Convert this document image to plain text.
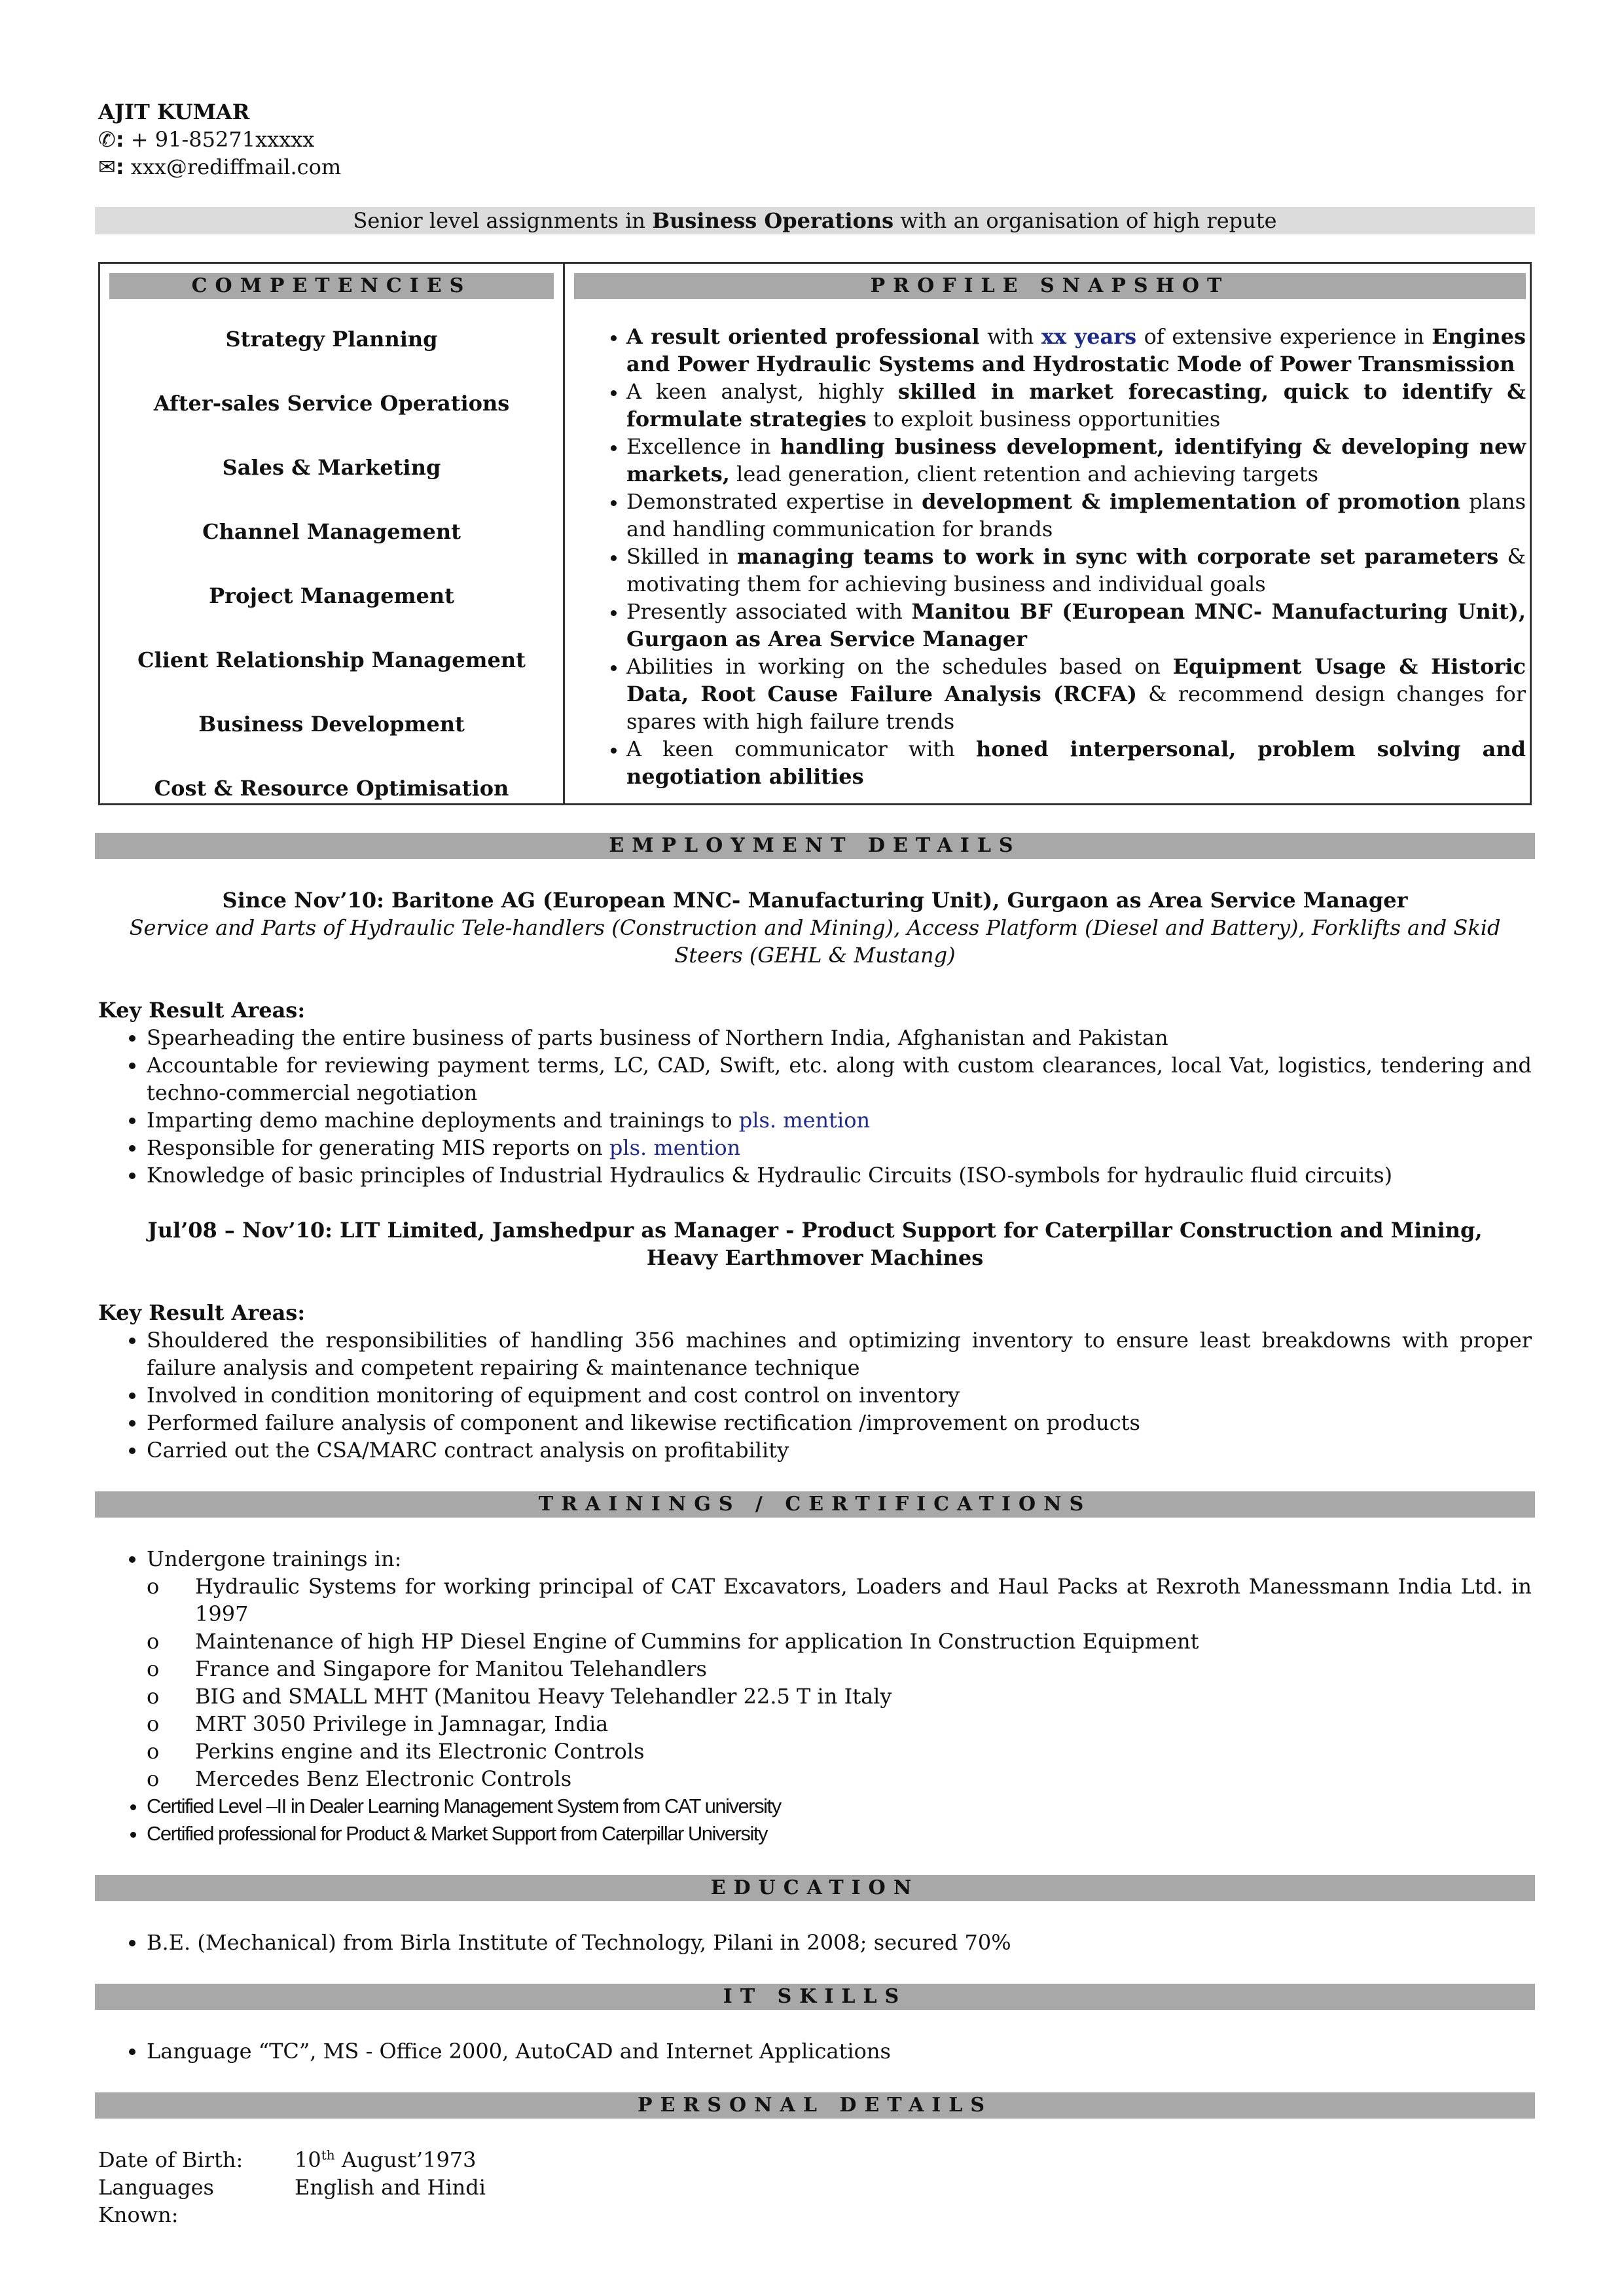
AJIT KUMAR
✆: + 91-85271xxxxx
✉: xxx@rediffmail.com
Senior level assignments in Business Operations with an organisation of high repute
COMPETENCIES
Strategy Planning
After-sales Service Operations
Sales & Marketing
Channel Management
Project Management
Client Relationship Management
Business Development
Cost & Resource Optimisation
PROFILE SNAPSHOT
• A result oriented professional with xx years of extensive experience in Engines and Power Hydraulic Systems and Hydrostatic Mode of Power Transmission
• A keen analyst, highly skilled in market forecasting, quick to identify & formulate strategies to exploit business opportunities
• Excellence in handling business development, identifying & developing new markets, lead generation, client retention and achieving targets
• Demonstrated expertise in development & implementation of promotion plans and handling communication for brands
• Skilled in managing teams to work in sync with corporate set parameters & motivating them for achieving business and individual goals
• Presently associated with Manitou BF (European MNC- Manufacturing Unit), Gurgaon as Area Service Manager
• Abilities in working on the schedules based on Equipment Usage & Historic Data, Root Cause Failure Analysis (RCFA) & recommend design changes for spares with high failure trends
• A keen communicator with honed interpersonal, problem solving and negotiation abilities
EMPLOYMENT DETAILS
Since Nov’10: Baritone AG (European MNC- Manufacturing Unit), Gurgaon as Area Service Manager
Service and Parts of Hydraulic Tele-handlers (Construction and Mining), Access Platform (Diesel and Battery), Forklifts and Skid Steers (GEHL & Mustang)
Key Result Areas:
• Spearheading the entire business of parts business of Northern India, Afghanistan and Pakistan
• Accountable for reviewing payment terms, LC, CAD, Swift, etc. along with custom clearances, local Vat, logistics, tendering and techno-commercial negotiation
• Imparting demo machine deployments and trainings to pls. mention
• Responsible for generating MIS reports on pls. mention
• Knowledge of basic principles of Industrial Hydraulics & Hydraulic Circuits (ISO-symbols for hydraulic fluid circuits)
Jul’08 – Nov’10: LIT Limited, Jamshedpur as Manager - Product Support for Caterpillar Construction and Mining, Heavy Earthmover Machines
Key Result Areas:
• Shouldered the responsibilities of handling 356 machines and optimizing inventory to ensure least breakdowns with proper failure analysis and competent repairing & maintenance technique
• Involved in condition monitoring of equipment and cost control on inventory
• Performed failure analysis of component and likewise rectification /improvement on products
• Carried out the CSA/MARC contract analysis on profitability
TRAININGS / CERTIFICATIONS
• Undergone trainings in:
o Hydraulic Systems for working principal of CAT Excavators, Loaders and Haul Packs at Rexroth Manessmann India Ltd. in 1997
o Maintenance of high HP Diesel Engine of Cummins for application In Construction Equipment
o France and Singapore for Manitou Telehandlers
o BIG and SMALL MHT (Manitou Heavy Telehandler 22.5 T in Italy
o MRT 3050 Privilege in Jamnagar, India
o Perkins engine and its Electronic Controls
o Mercedes Benz Electronic Controls
• Certified Level –II in Dealer Learning Management System from CAT university
• Certified professional for Product & Market Support from Caterpillar University
EDUCATION
• B.E. (Mechanical) from Birla Institute of Technology, Pilani in 2008; secured 70%
IT SKILLS
• Language “TC”, MS - Office 2000, AutoCAD and Internet Applications
PERSONAL DETAILS
Date of Birth:	10th August’1973
Languages Known:
English and Hindi
